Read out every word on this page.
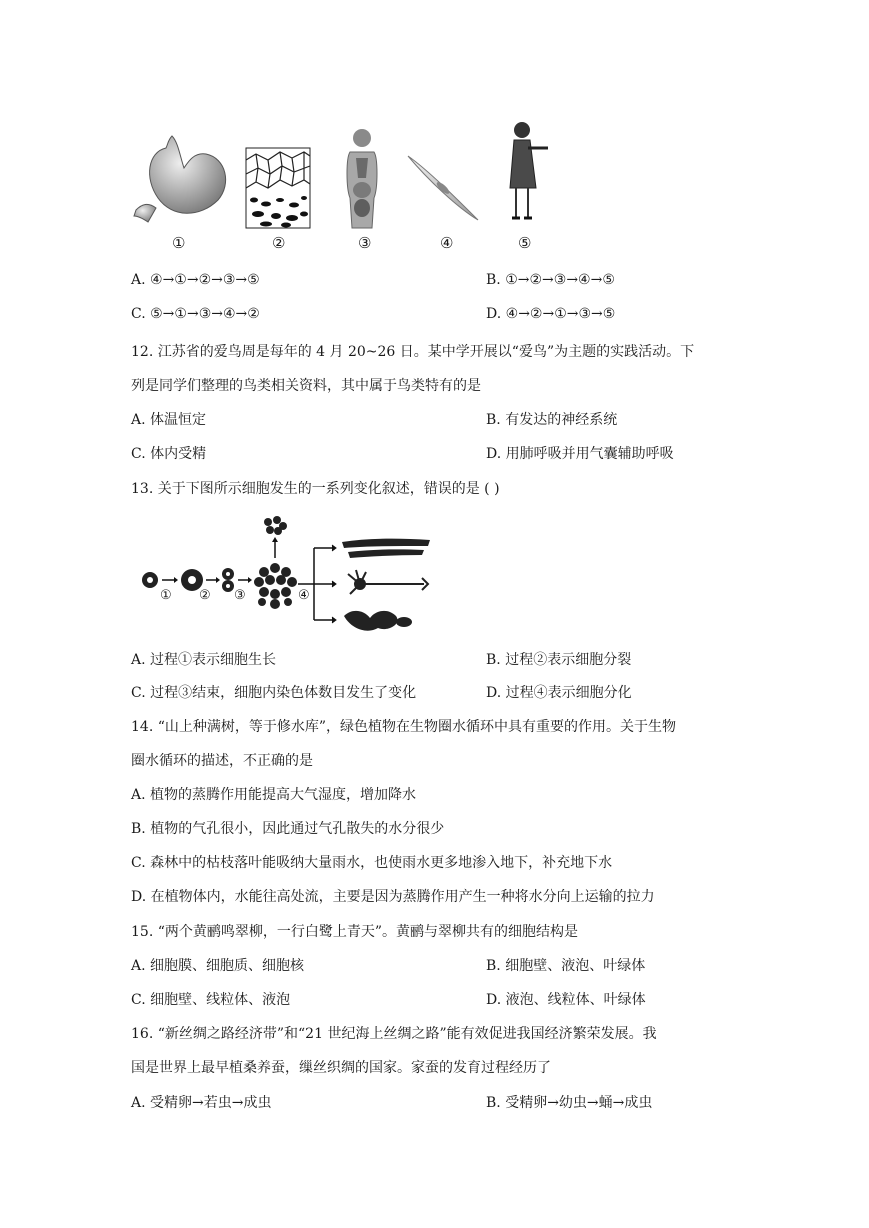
①	②	③	④	⑤
A. ④→①→②→③→⑤	B. ①→②→③→④→⑤
C. ⑤→①→③→④→②	D. ④→②→①→③→⑤
12. 江苏省的爱鸟周是每年的 4 月 20~26 日。某中学开展以“爱鸟”为主题的实践活动。下
列是同学们整理的鸟类相关资料，其中属于鸟类特有的是
A. 体温恒定	B. 有发达的神经系统
C. 体内受精	D. 用肺呼吸并用气囊辅助呼吸
13. 关于下图所示细胞发生的一系列变化叙述，错误的是 ( )
① ② ③	④
A. 过程①表示细胞生长	B. 过程②表示细胞分裂
C. 过程③结束，细胞内染色体数目发生了变化	D. 过程④表示细胞分化
14. “山上种满树，等于修水库”，绿色植物在生物圈水循环中具有重要的作用。关于生物
圈水循环的描述，不正确的是
A. 植物的蒸腾作用能提高大气湿度，增加降水
B. 植物的气孔很小，因此通过气孔散失的水分很少
C. 森林中的枯枝落叶能吸纳大量雨水，也使雨水更多地渗入地下，补充地下水
D. 在植物体内，水能往高处流，主要是因为蒸腾作用产生一种将水分向上运输的拉力
15. “两个黄鹂鸣翠柳，一行白鹭上青天”。黄鹂与翠柳共有的细胞结构是
A. 细胞膜、细胞质、细胞核	B. 细胞壁、液泡、叶绿体
C. 细胞壁、线粒体、液泡	D. 液泡、线粒体、叶绿体
16. “新丝绸之路经济带”和“21 世纪海上丝绸之路”能有效促进我国经济繁荣发展。我
国是世界上最早植桑养蚕，缫丝织绸的国家。家蚕的发育过程经历了
A. 受精卵→若虫→成虫	B. 受精卵→幼虫→蛹→成虫
